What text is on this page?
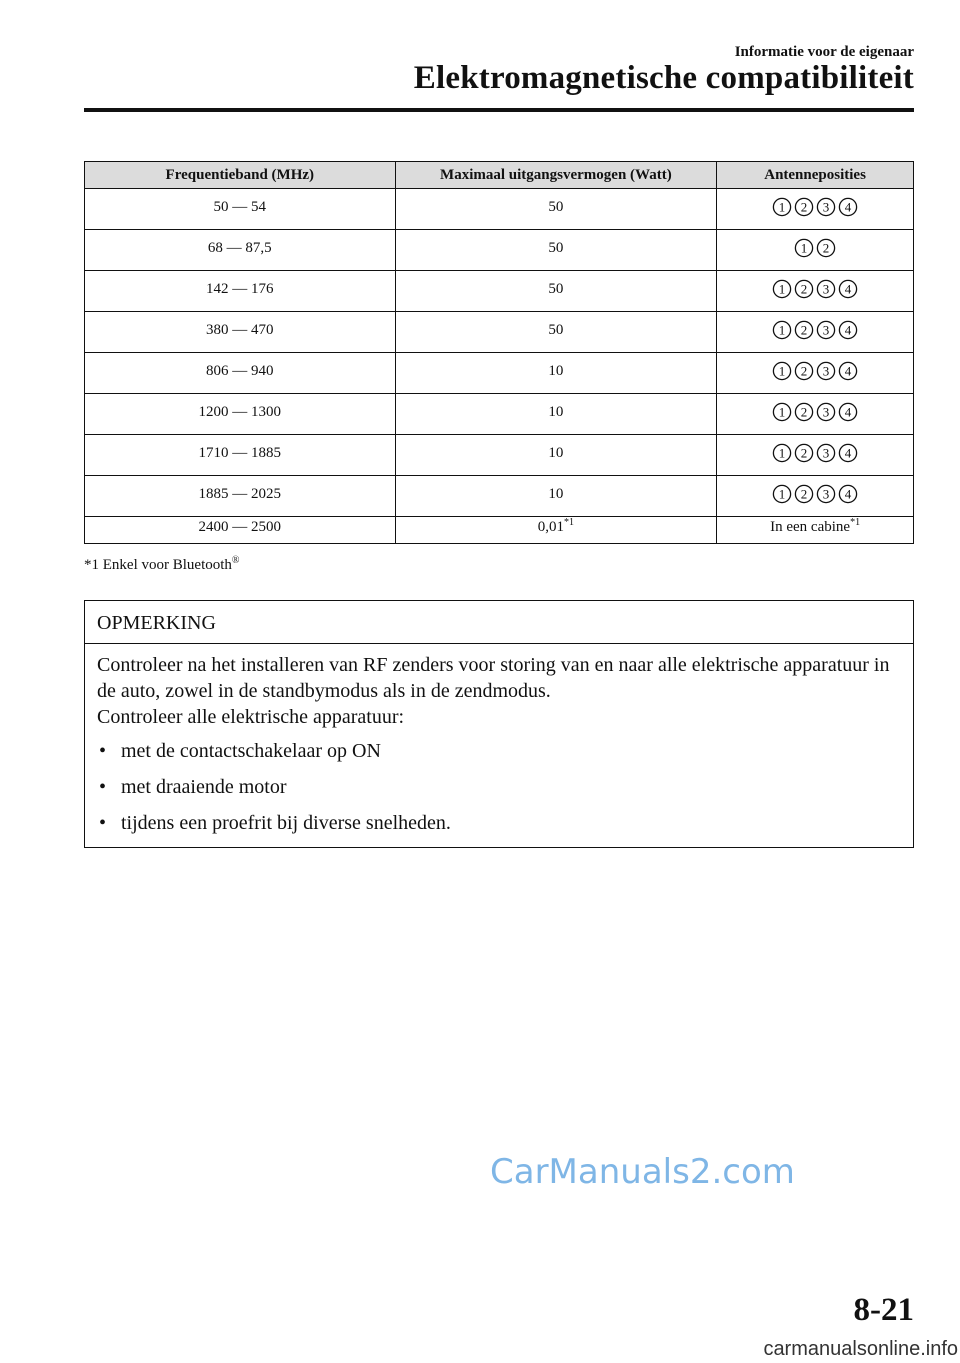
Informatie voor de eigenaar
Elektromagnetische compatibiliteit
Frequentieband (MHz)	Maximaal uitgangsvermogen (Watt)	Antenneposities
50 ― 54	50	1 2 3 4

68 ― 87,5	50	1 2

142 ― 176	50	1 2 3 4

380 ― 470	50	1 2 3 4

806 ― 940	10	1 2 3 4

1200 ― 1300	10	1 2 3 4

1710 ― 1885	10	1 2 3 4

1885 ― 2025	10	1 2 3 4

2400 ― 2500	0,01$^{*1}$	In een cabine$^{*1}$
*1 Enkel voor Bluetooth®
OPMERKING

Controleer na het installeren van RF zenders voor storing van en naar alle elektrische apparatuur in de auto, zowel in de standbymodus als in de zendmodus.

Controleer alle elektrische apparatuur:

• met de contactschakelaar op ON
• met draaiende motor
• tijdens een proefrit bij diverse snelheden.
CarManuals2.com
8-21
carmanualsonline.info
